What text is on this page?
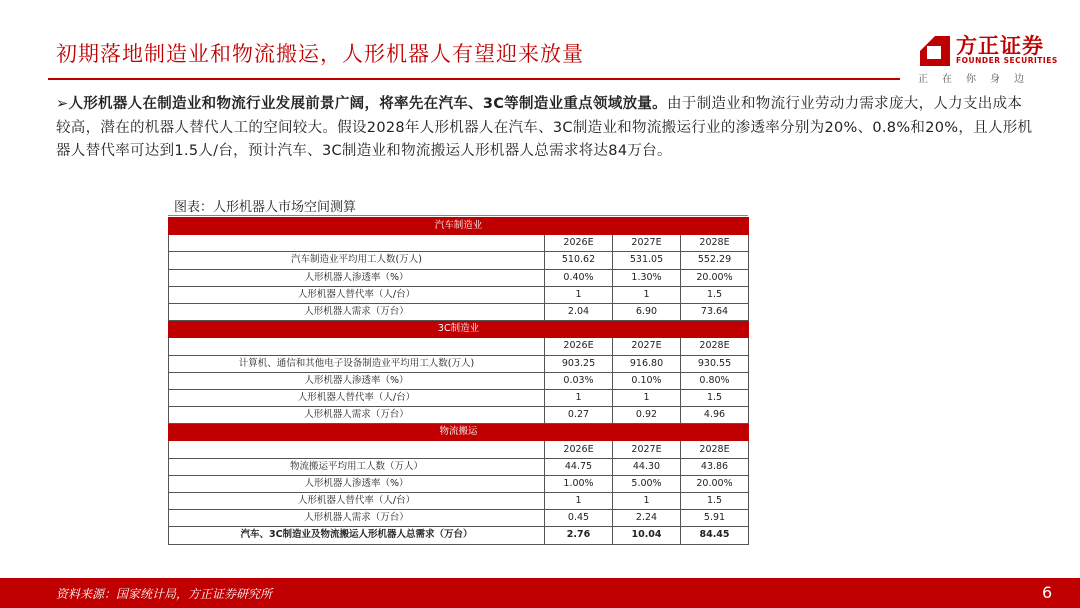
初期落地制造业和物流搬运，人形机器人有望迎来放量	方正证券
FOUNDER SECURITIES
正在你身边
➢人形机器人在制造业和物流行业发展前景广阔，将率先在汽车、3C等制造业重点领域放量。由于制造业和物流行业劳动力需求庞大，人力支出成本较高，潜在的机器人替代人工的空间较大。假设2028年人形机器人在汽车、3C制造业和物流搬运行业的渗透率分别为20%、0.8%和20%，且人形机器人替代率可达到1.5人/台，预计汽车、3C制造业和物流搬运人形机器人总需求将达84万台。
图表：人形机器人市场空间测算
汽车制造业			
	2026E	2027E	2028E
汽车制造业平均用工人数(万人)	510.62	531.05	552.29
人形机器人渗透率（%）	0.40%	1.30%	20.00%
人形机器人替代率（人/台）	1	1	1.5
人形机器人需求（万台）	2.04	6.90	73.64
3C制造业			
	2026E	2027E	2028E
计算机、通信和其他电子设备制造业平均用工人数(万人)	903.25	916.80	930.55
人形机器人渗透率（%）	0.03%	0.10%	0.80%
人形机器人替代率（人/台）	1	1	1.5
人形机器人需求（万台）	0.27	0.92	4.96
物流搬运			
	2026E	2027E	2028E
物流搬运平均用工人数（万人）	44.75	44.30	43.86
人形机器人渗透率（%）	1.00%	5.00%	20.00%
人形机器人替代率（人/台）	1	1	1.5
人形机器人需求（万台）	0.45	2.24	5.91
汽车、3C制造业及物流搬运人形机器人总需求（万台）	2.76	10.04	84.45
资料来源：国家统计局，方正证券研究所	6
